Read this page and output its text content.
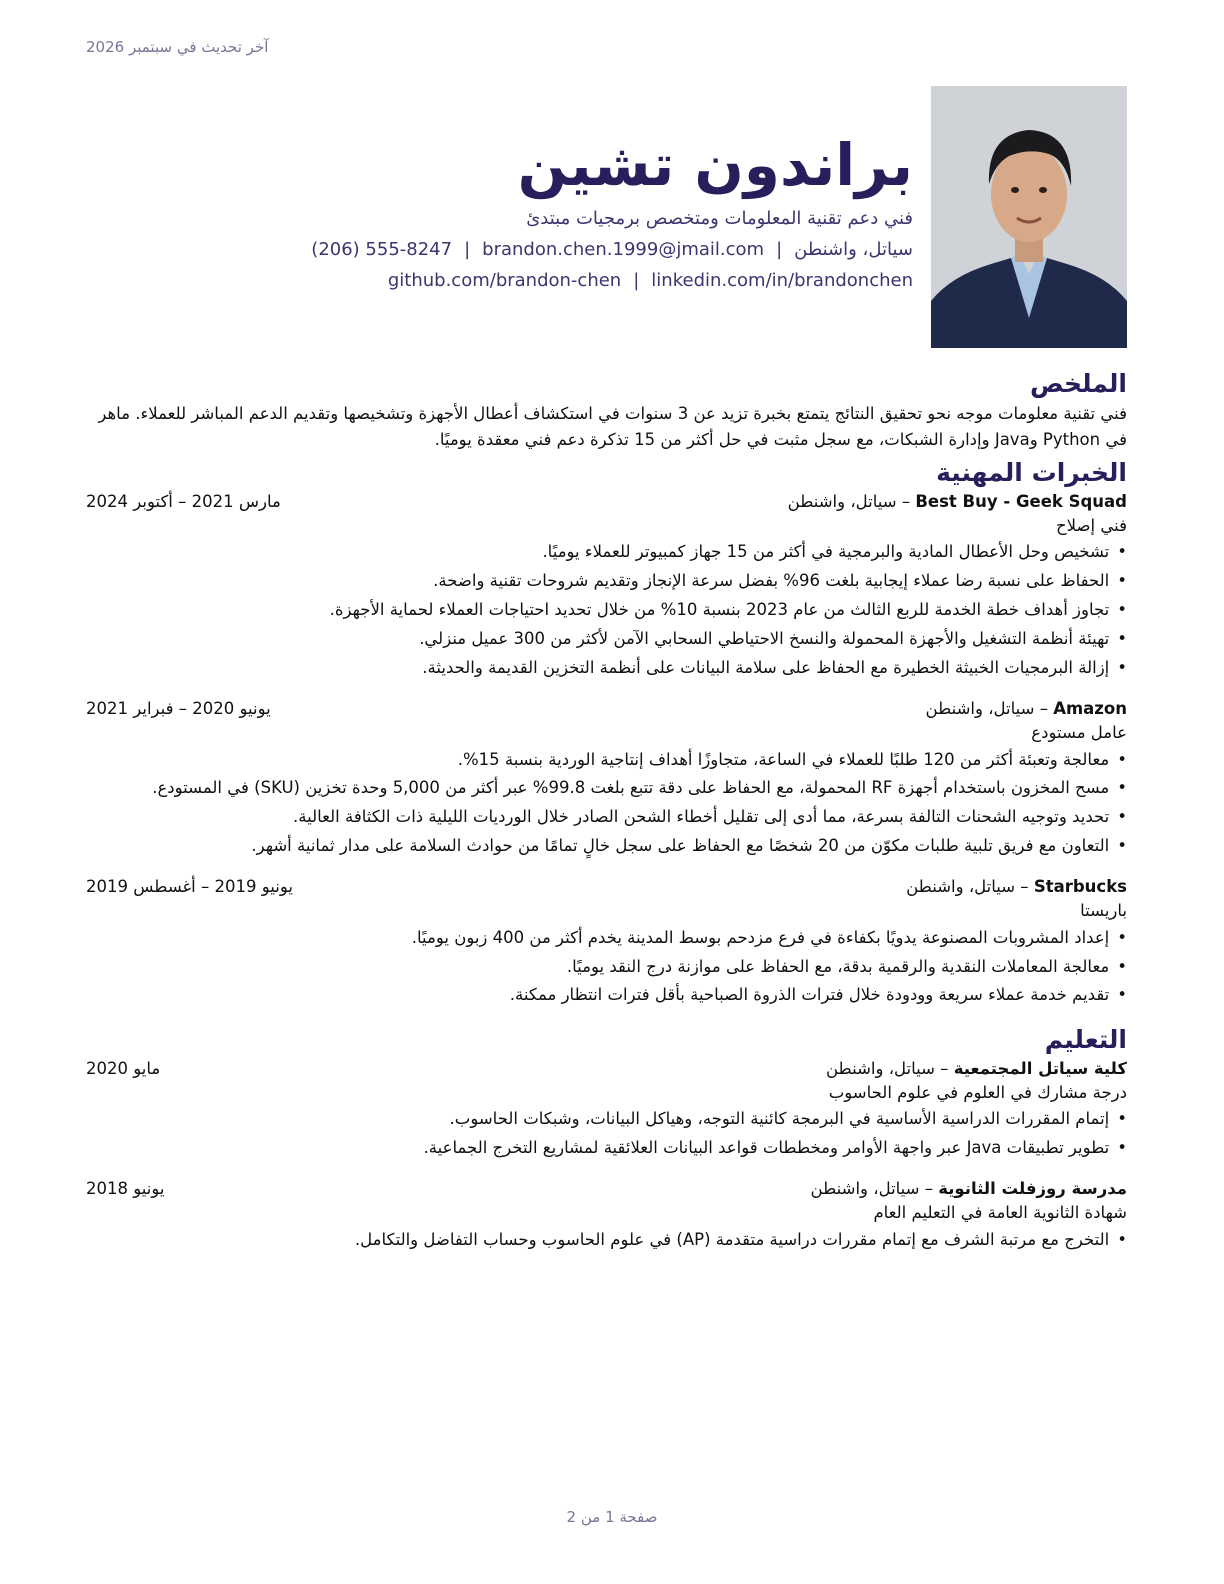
آخر تحديث في سبتمبر 2026
براندون تشين
فني دعم تقنية المعلومات ومتخصص برمجيات مبتدئ
سياتل، واشنطن|brandon.chen.1999@jmail.com|(206) 555-8247
linkedin.com/in/brandonchen|github.com/brandon-chen
الملخص

فني تقنية معلومات موجه نحو تحقيق النتائج يتمتع بخبرة تزيد عن 3 سنوات في استكشاف أعطال الأجهزة وتشخيصها وتقديم الدعم المباشر للعملاء. ماهر في Python وJava وإدارة الشبكات، مع سجل مثبت في حل أكثر من 15 تذكرة دعم فني معقدة يوميًا.

الخبرات المهنية
Best Buy - Geek Squad – سياتل، واشنطن
مارس 2021 – أكتوبر 2024
فني إصلاح
• تشخيص وحل الأعطال المادية والبرمجية في أكثر من 15 جهاز كمبيوتر للعملاء يوميًا.
• الحفاظ على نسبة رضا عملاء إيجابية بلغت 96% بفضل سرعة الإنجاز وتقديم شروحات تقنية واضحة.
• تجاوز أهداف خطة الخدمة للربع الثالث من عام 2023 بنسبة 10% من خلال تحديد احتياجات العملاء لحماية الأجهزة.
• تهيئة أنظمة التشغيل والأجهزة المحمولة والنسخ الاحتياطي السحابي الآمن لأكثر من 300 عميل منزلي.
• إزالة البرمجيات الخبيثة الخطيرة مع الحفاظ على سلامة البيانات على أنظمة التخزين القديمة والحديثة.
Amazon – سياتل، واشنطن
يونيو 2020 – فبراير 2021
عامل مستودع
• معالجة وتعبئة أكثر من 120 طلبًا للعملاء في الساعة، متجاوزًا أهداف إنتاجية الوردية بنسبة 15%.
• مسح المخزون باستخدام أجهزة RF المحمولة، مع الحفاظ على دقة تتبع بلغت 99.8% عبر أكثر من 5,000 وحدة تخزين (SKU) في المستودع.
• تحديد وتوجيه الشحنات التالفة بسرعة، مما أدى إلى تقليل أخطاء الشحن الصادر خلال الورديات الليلية ذات الكثافة العالية.
• التعاون مع فريق تلبية طلبات مكوّن من 20 شخصًا مع الحفاظ على سجل خالٍ تمامًا من حوادث السلامة على مدار ثمانية أشهر.
Starbucks – سياتل، واشنطن
يونيو 2019 – أغسطس 2019
باريستا
• إعداد المشروبات المصنوعة يدويًا بكفاءة في فرع مزدحم بوسط المدينة يخدم أكثر من 400 زبون يوميًا.
• معالجة المعاملات النقدية والرقمية بدقة، مع الحفاظ على موازنة درج النقد يوميًا.
• تقديم خدمة عملاء سريعة وودودة خلال فترات الذروة الصباحية بأقل فترات انتظار ممكنة.
التعليم
كلية سياتل المجتمعية – سياتل، واشنطن
مايو 2020
درجة مشارك في العلوم في علوم الحاسوب
• إتمام المقررات الدراسية الأساسية في البرمجة كائنية التوجه، وهياكل البيانات، وشبكات الحاسوب.
• تطوير تطبيقات Java عبر واجهة الأوامر ومخططات قواعد البيانات العلائقية لمشاريع التخرج الجماعية.
مدرسة روزفلت الثانوية – سياتل، واشنطن
يونيو 2018
شهادة الثانوية العامة في التعليم العام
• التخرج مع مرتبة الشرف مع إتمام مقررات دراسية متقدمة (AP) في علوم الحاسوب وحساب التفاضل والتكامل.
صفحة 1 من 2
